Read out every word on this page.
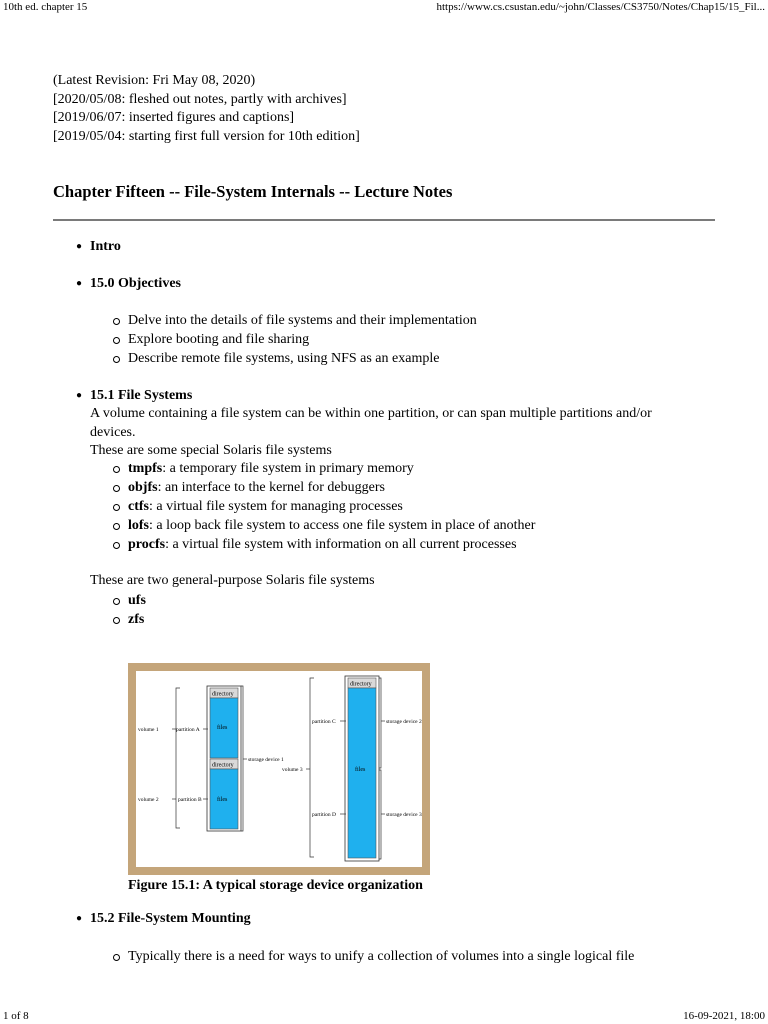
10th ed. chapter 15	https://www.cs.csustan.edu/~john/Classes/CS3750/Notes/Chap15/15_Fil...
(Latest Revision: Fri May 08, 2020)
[2020/05/08: fleshed out notes, partly with archives]
[2019/06/07: inserted figures and captions]
[2019/05/04: starting first full version for 10th edition]
Chapter Fifteen -- File-System Internals -- Lecture Notes
● Intro
● 15.0 Objectives
Delve into the details of file systems and their implementation
Explore booting and file sharing
Describe remote file systems, using NFS as an example
● 15.1 File Systems
A volume containing a file system can be within one partition, or can span multiple partitions and/or
devices.
These are some special Solaris file systems
tmpfs: a temporary file system in primary memory
objfs: an interface to the kernel for debuggers
ctfs: a virtual file system for managing processes
lofs: a loop back file system to access one file system in place of another
procfs: a virtual file system with information on all current processes
These are two general-purpose Solaris file systems
ufs
zfs
directory
files
directory
files
volume 1
volume 2
partition A
partition B
storage device 1
directory
files
volume 3
partition C
partition D
storage device 2
storage device 3
Figure 15.1: A typical storage device organization
● 15.2 File-System Mounting
Typically there is a need for ways to unify a collection of volumes into a single logical file
1 of 8	16-09-2021, 18:00
